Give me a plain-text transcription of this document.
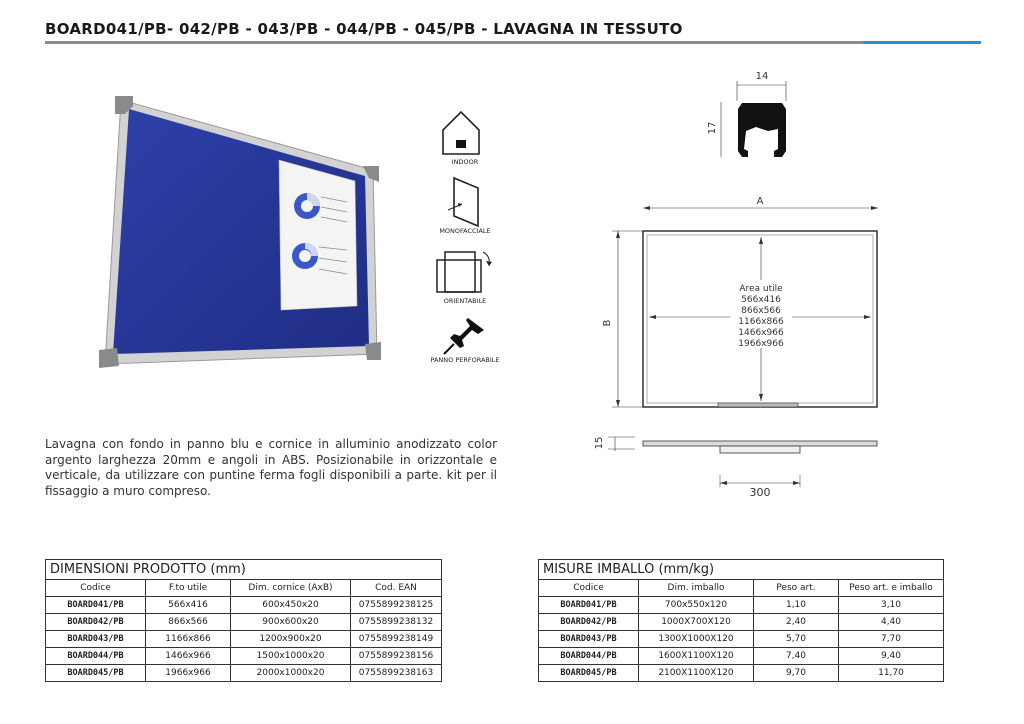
BOARD041/PB- 042/PB - 043/PB - 044/PB - 045/PB - LAVAGNA IN TESSUTO
INDOOR
MONOFACCIALE
ORIENTABILE
PANNO PERFORABILE
Lavagna con fondo in panno blu e cornice in alluminio anodizzato color argento larghezza 20mm e angoli in ABS. Posizionabile in orizzontale e verticale, da utilizzare con puntine ferma fogli disponibili a parte. kit per il fissaggio a muro compreso.
14
17
A
B
Area utile
566x416
866x566
1166x866
1466x966
1966x966
15
300
DIMENSIONI PRODOTTO (mm)			
Codice	F.to utile	Dim. cornice (AxB)	Cod. EAN
BOARD041/PB	566x416	600x450x20	0755899238125
BOARD042/PB	866x566	900x600x20	0755899238132
BOARD043/PB	1166x866	1200x900x20	0755899238149
BOARD044/PB	1466x966	1500x1000x20	0755899238156
BOARD045/PB	1966x966	2000x1000x20	0755899238163
MISURE IMBALLO (mm/kg)			
Codice	Dim. imballo	Peso art.	Peso art. e imballo
BOARD041/PB	700x550x120	1,10	3,10
BOARD042/PB	1000X700X120	2,40	4,40
BOARD043/PB	1300X1000X120	5,70	7,70
BOARD044/PB	1600X1100X120	7,40	9,40
BOARD045/PB	2100X1100X120	9,70	11,70
